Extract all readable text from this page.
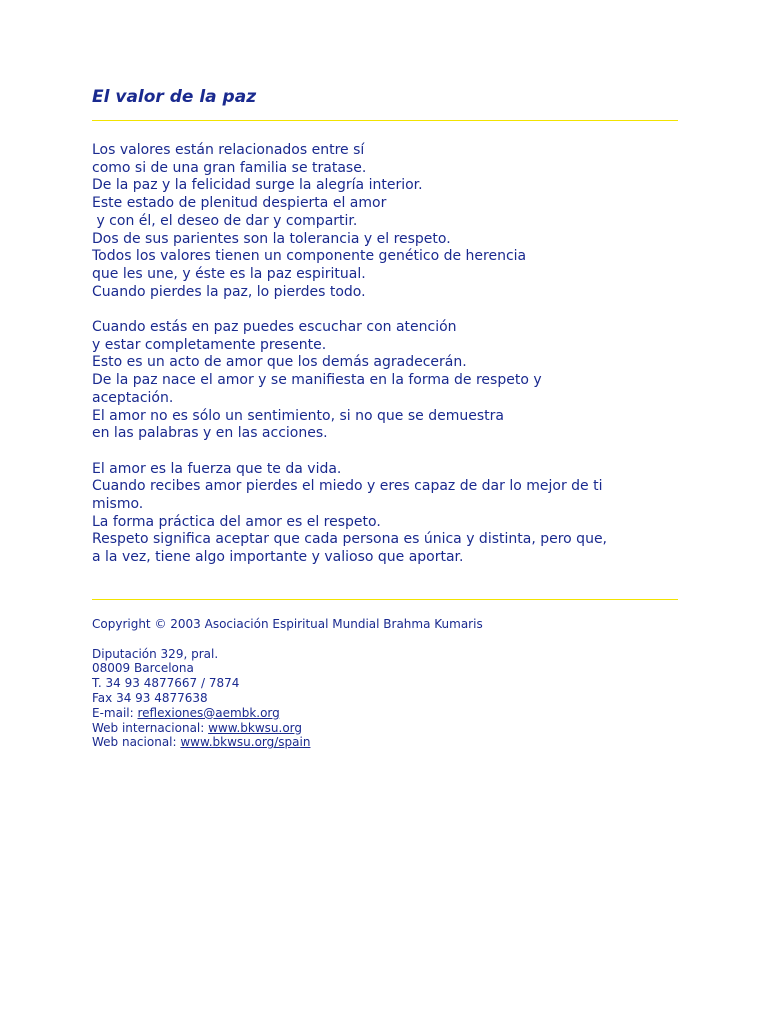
El valor de la paz

Los valores están relacionados entre sí
como si de una gran familia se tratase.
De la paz y la felicidad surge la alegría interior.
Este estado de plenitud despierta el amor
y con él, el deseo de dar y compartir.
Dos de sus parientes son la tolerancia y el respeto.
Todos los valores tienen un componente genético de herencia
que les une, y éste es la paz espiritual.
Cuando pierdes la paz, lo pierdes todo.

Cuando estás en paz puedes escuchar con atención
y estar completamente presente.
Esto es un acto de amor que los demás agradecerán.
De la paz nace el amor y se manifiesta en la forma de respeto y
aceptación.
El amor no es sólo un sentimiento, si no que se demuestra
en las palabras y en las acciones.

El amor es la fuerza que te da vida.
Cuando recibes amor pierdes el miedo y eres capaz de dar lo mejor de ti
mismo.
La forma práctica del amor es el respeto.
Respeto significa aceptar que cada persona es única y distinta, pero que,
a la vez, tiene algo importante y valioso que aportar.

Copyright © 2003 Asociación Espiritual Mundial Brahma Kumaris
Diputación 329, pral.
08009 Barcelona
T. 34 93 4877667 / 7874
Fax 34 93 4877638
E-mail: reflexiones@aembk.org
Web internacional: www.bkwsu.org
Web nacional: www.bkwsu.org/spain
